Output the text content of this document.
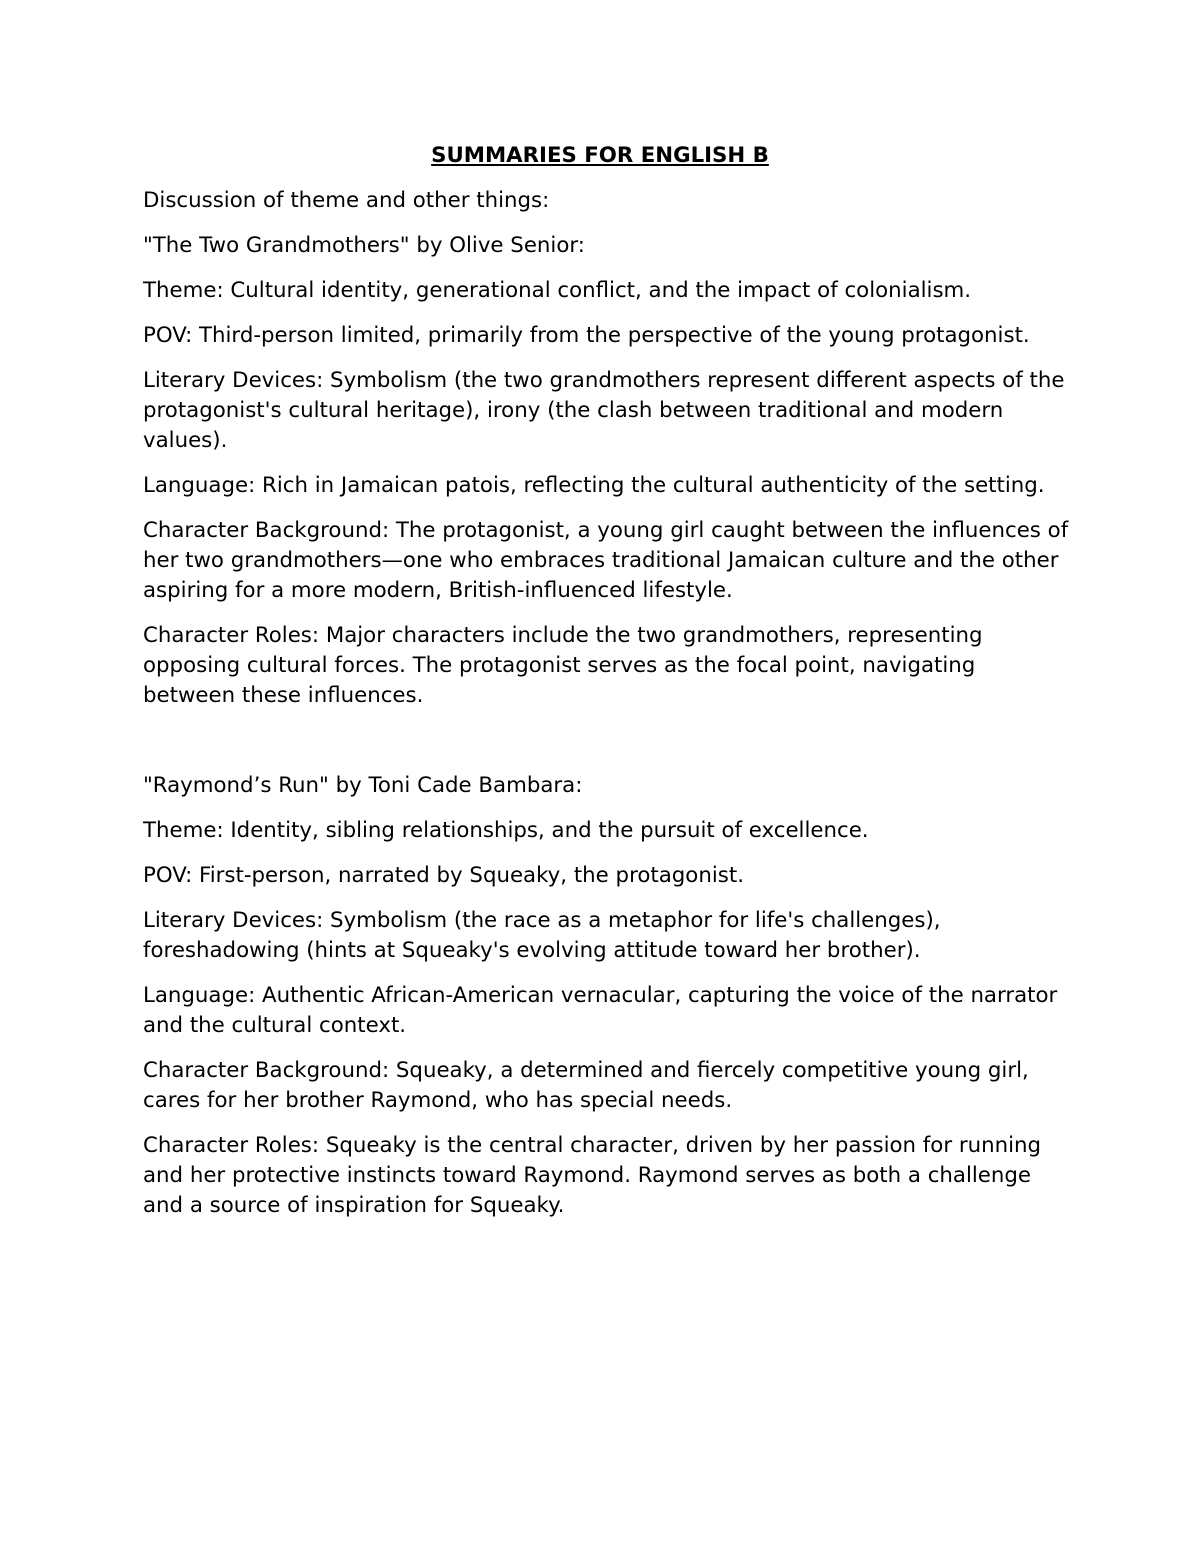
SUMMARIES FOR ENGLISH B

Discussion of theme and other things:

"The Two Grandmothers" by Olive Senior:

Theme: Cultural identity, generational conflict, and the impact of colonialism.

POV: Third-person limited, primarily from the perspective of the young protagonist.

Literary Devices: Symbolism (the two grandmothers represent different aspects of the protagonist's cultural heritage), irony (the clash between traditional and modern values).

Language: Rich in Jamaican patois, reflecting the cultural authenticity of the setting.

Character Background: The protagonist, a young girl caught between the influences of her two grandmothers—one who embraces traditional Jamaican culture and the other aspiring for a more modern, British-influenced lifestyle.

Character Roles: Major characters include the two grandmothers, representing opposing cultural forces. The protagonist serves as the focal point, navigating between these influences.

"Raymond’s Run" by Toni Cade Bambara:

Theme: Identity, sibling relationships, and the pursuit of excellence.

POV: First-person, narrated by Squeaky, the protagonist.

Literary Devices: Symbolism (the race as a metaphor for life's challenges), foreshadowing (hints at Squeaky's evolving attitude toward her brother).

Language: Authentic African-American vernacular, capturing the voice of the narrator and the cultural context.

Character Background: Squeaky, a determined and fiercely competitive young girl, cares for her brother Raymond, who has special needs.

Character Roles: Squeaky is the central character, driven by her passion for running and her protective instincts toward Raymond. Raymond serves as both a challenge and a source of inspiration for Squeaky.
